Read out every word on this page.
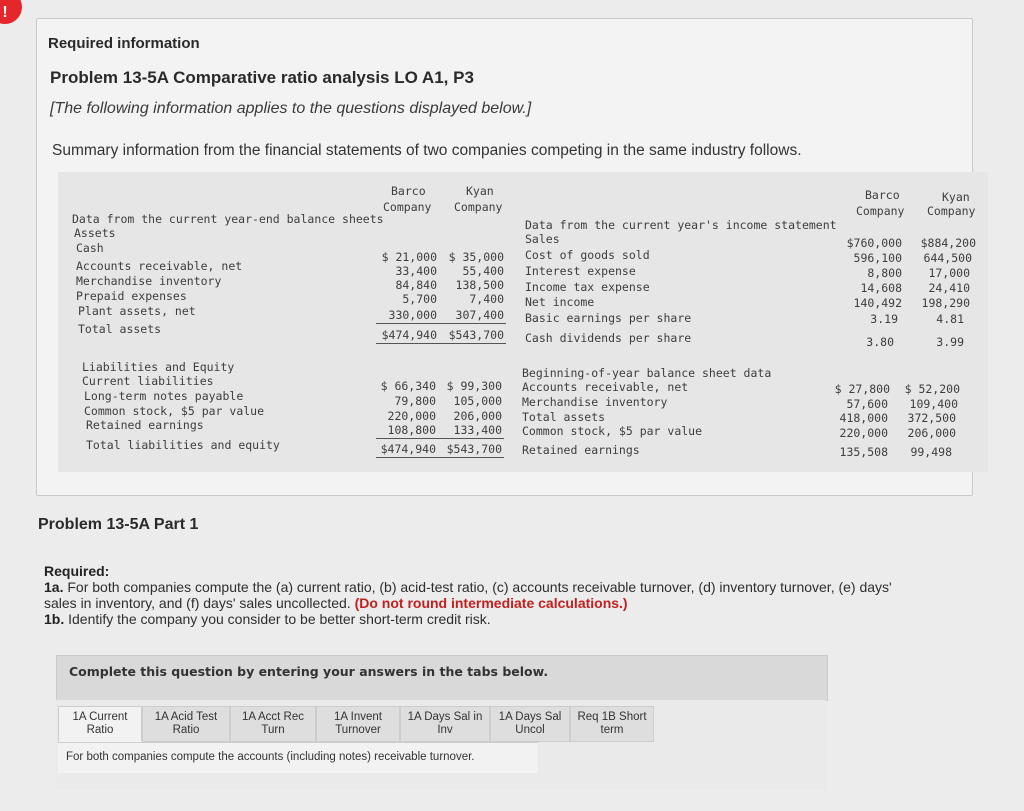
!
Required information
Problem 13-5A Comparative ratio analysis LO A1, P3
[The following information applies to the questions displayed below.]
Summary information from the financial statements of two companies competing in the same industry follows.
Barco
Company
Kyan
Company
Data from the current year-end balance sheets
Assets
Cash
Accounts receivable, net
Merchandise inventory
Prepaid expenses
Plant assets, net
$ 21,000
33,400
84,840
5,700
330,000
$ 35,000
55,400
138,500
7,400
307,400
Total assets	$474,940	$543,700
Liabilities and Equity
Current liabilities
Long-term notes payable
Common stock, $5 par value
Retained earnings
Total liabilities and equity
$ 66,340
79,800
220,000
108,800
$ 99,300
105,000
206,000
133,400
$474,940 $543,700
Barco
Company
Kyan
Company
Data from the current year's income statement
Sales
Cost of goods sold
Interest expense
Income tax expense
Net income
Basic earnings per share
Cash dividends per share
$760,000
596,100
8,800
14,608
140,492
3.19
3.80
$884,200
644,500
17,000
24,410
198,290
4.81
3.99
Beginning-of-year balance sheet data
Accounts receivable, net
Merchandise inventory
Total assets
Common stock, $5 par value
Retained earnings
$ 27,800
57,600
418,000
220,000
135,508
$ 52,200
109,400
372,500
206,000
99,498
Problem 13-5A Part 1
Required:
1a. For both companies compute the (a) current ratio, (b) acid-test ratio, (c) accounts receivable turnover, (d) inventory turnover, (e) days' sales in inventory, and (f) days' sales uncollected. (Do not round intermediate calculations.)
1b. Identify the company you consider to be better short-term credit risk.
Complete this question by entering your answers in the tabs below.
1A Current
Ratio
1A Acid Test
Ratio
1A Acct Rec
Turn
1A Invent
Turnover
1A Days Sal in
Inv
1A Days Sal
Uncol
Req 1B Short
term
For both companies compute the accounts (including notes) receivable turnover.
